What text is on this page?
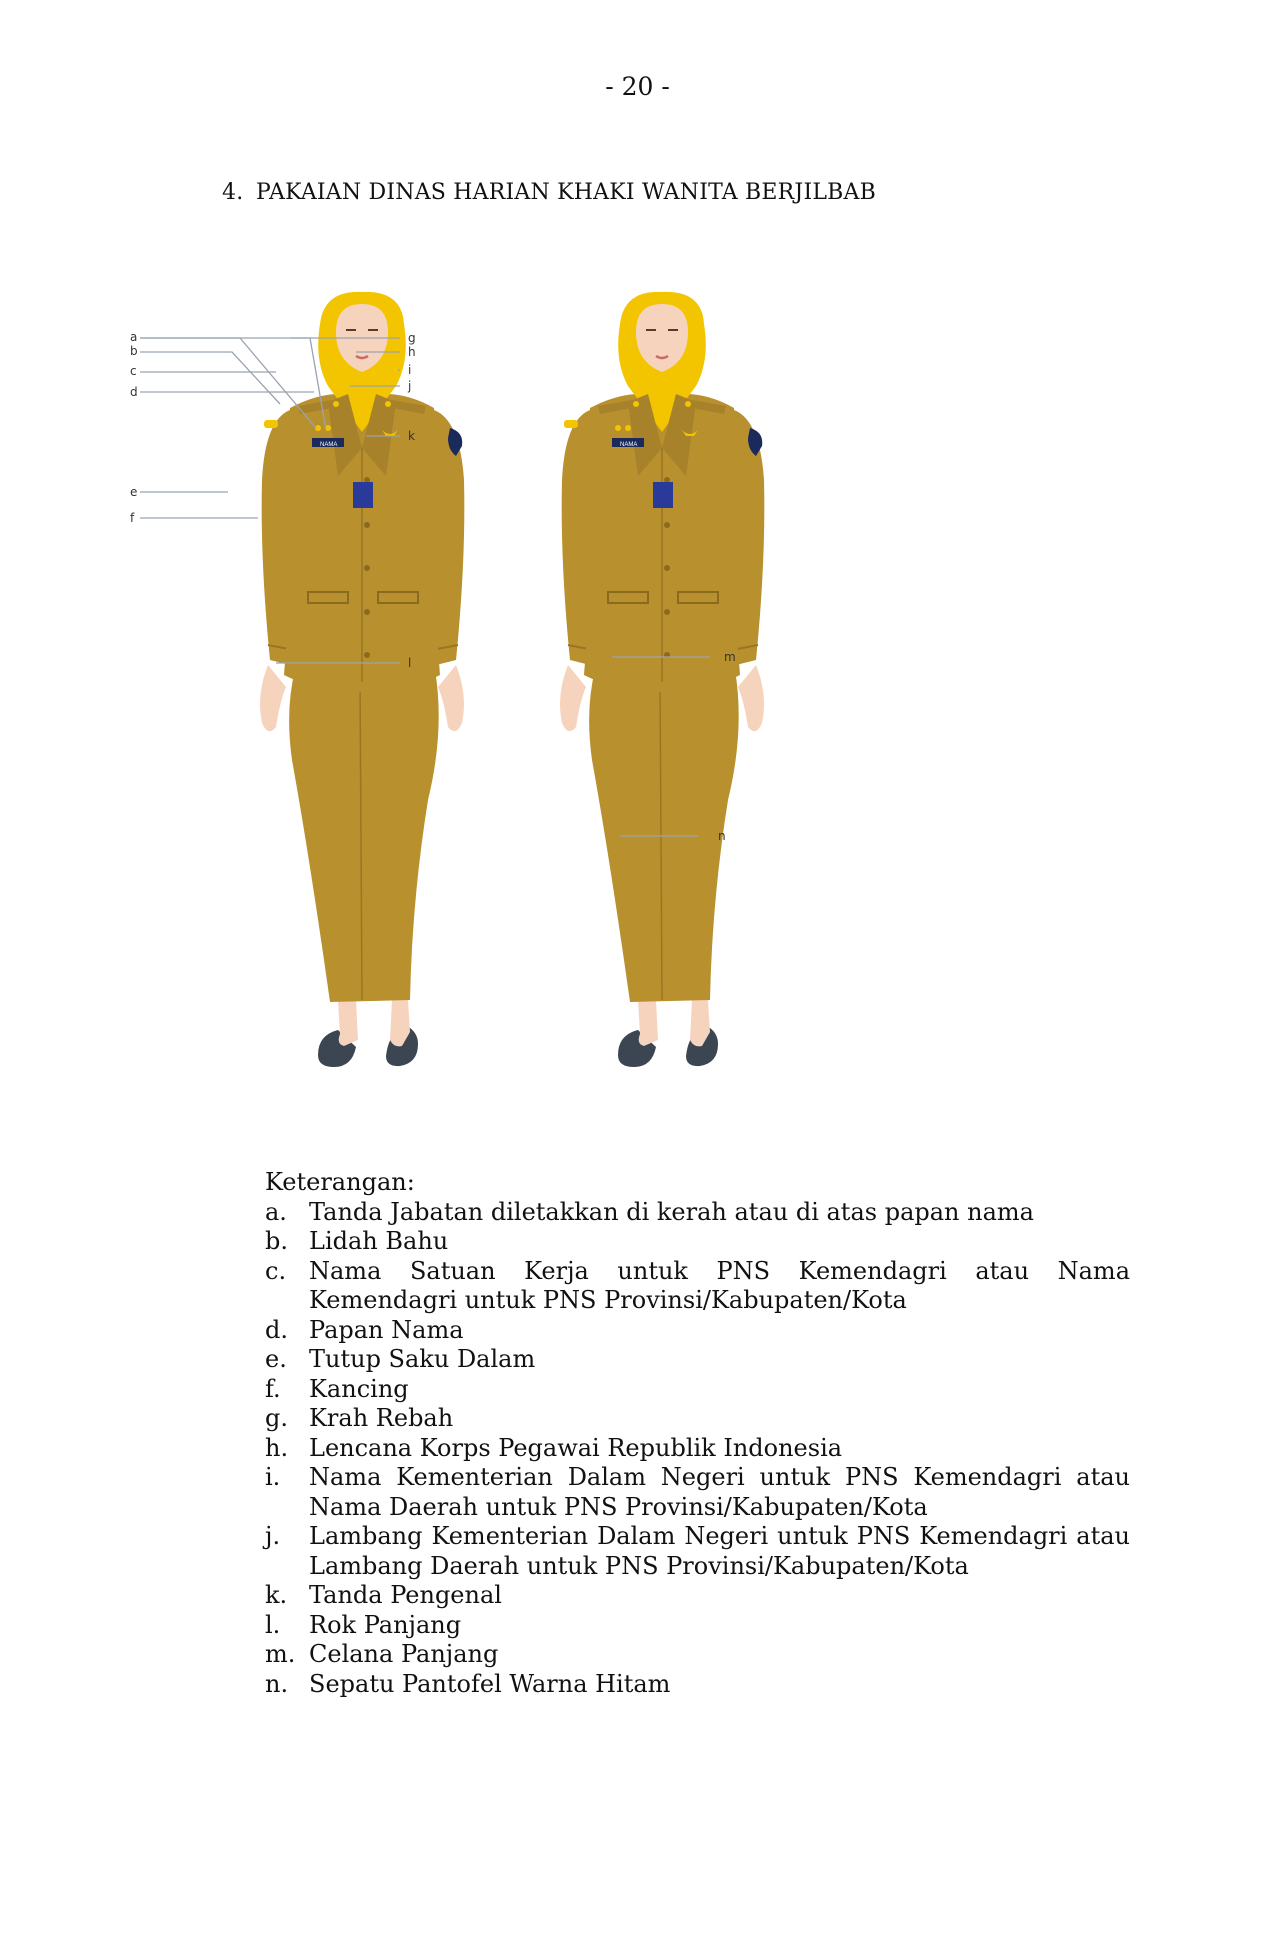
- 20 -
4. PAKAIAN DINAS HARIAN KHAKI WANITA BERJILBAB
NAMA	NAMA
a
b
c
d
e
f
g
h
i
j
k
l	m
n

Keterangan:

a. Tanda Jabatan diletakkan di kerah atau di atas papan nama
b. Lidah Bahu
c. Nama Satuan Kerja untuk PNS Kemendagri atau Nama Kemendagri untuk PNS Provinsi/Kabupaten/Kota
d. Papan Nama
e. Tutup Saku Dalam
f.	Kancing
g. Krah Rebah
h. Lencana Korps Pegawai Republik Indonesia
i.	Nama Kementerian Dalam Negeri untuk PNS Kemendagri atau Nama Daerah untuk PNS Provinsi/Kabupaten/Kota
j.	Lambang Kementerian Dalam Negeri untuk PNS Kemendagri atau Lambang Daerah untuk PNS Provinsi/Kabupaten/Kota
k. Tanda Pengenal
l.	Rok Panjang
m. Celana Panjang
n. Sepatu Pantofel Warna Hitam
